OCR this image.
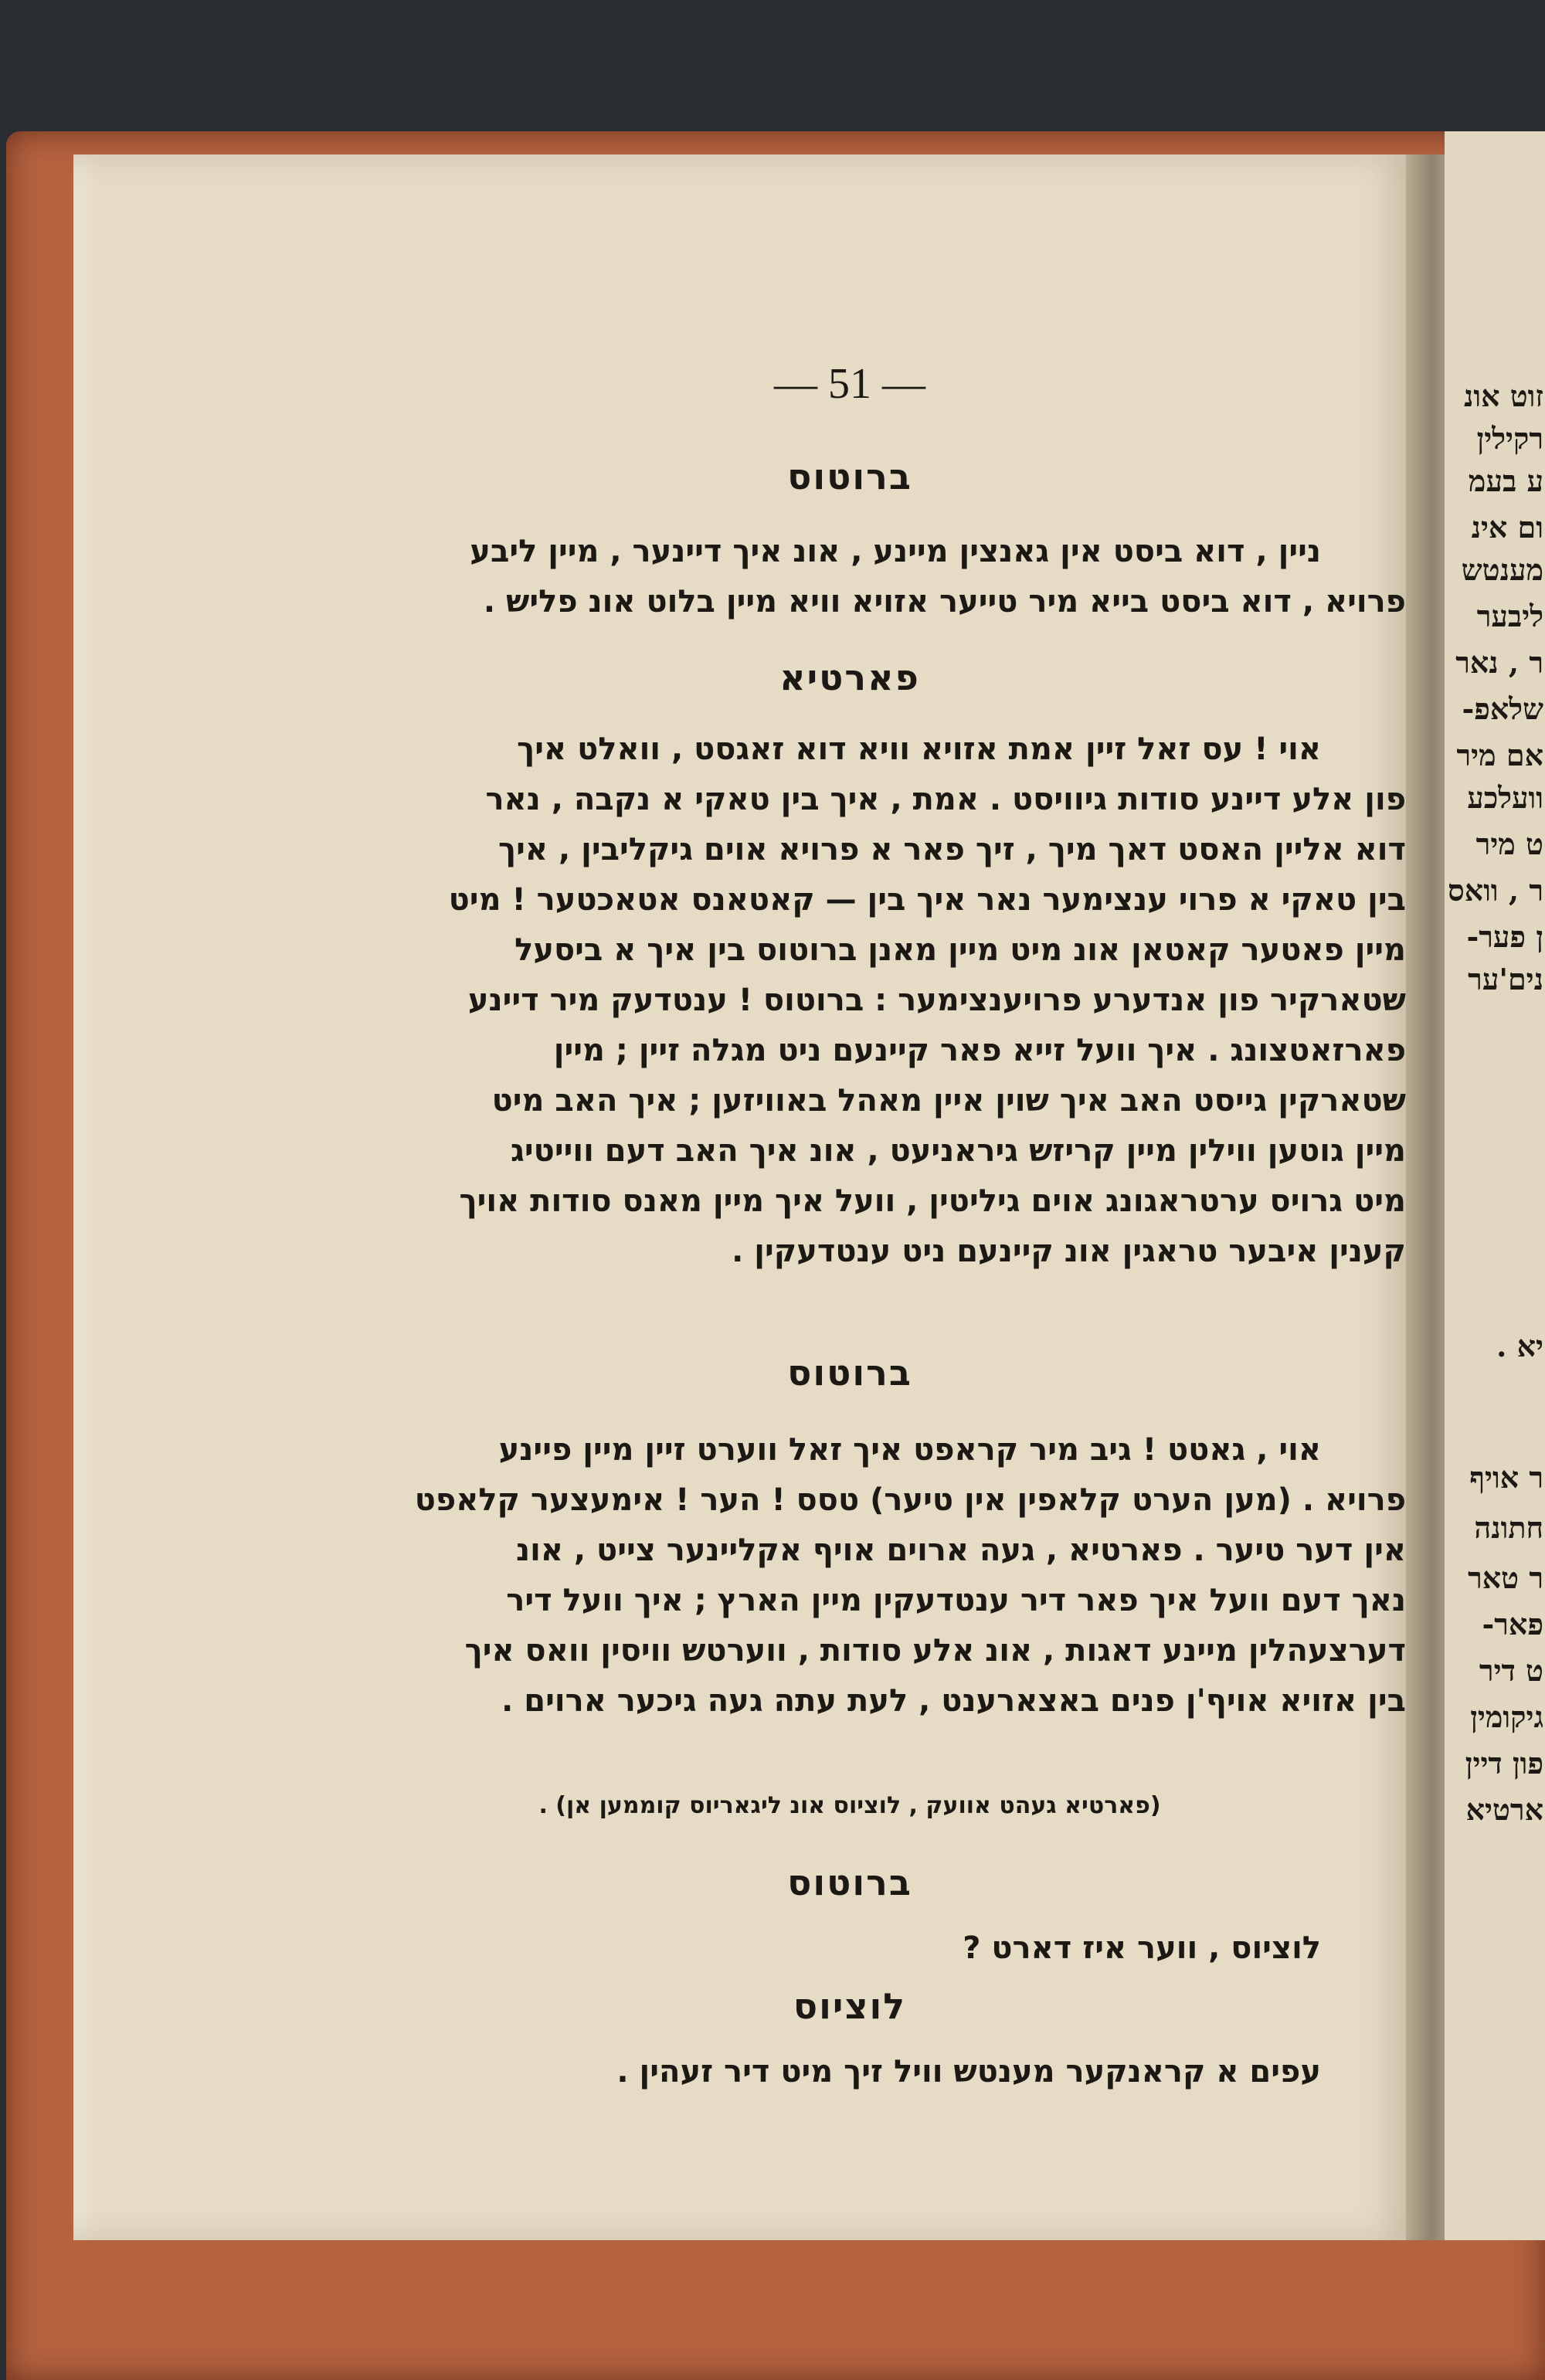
זוט אונ
רקילין
ע בעמ
ום אינ
מענטש
ליבער
ר , נאר
שלאפ-
אם מיר
וועלכע
ט מיר
ר , וואס
ן פער-
נים'ער
יא .
ר אויף
חתונה
ר טאר
פאר-
ט דיר
גיקומין
פון דיין
ארטיא
— 51 —

ברוטוס

ניין , דוא ביסט אין גאנצין מיינע , אונ איך דיינער , מיין ליבע

פרויא , דוא ביסט בייא מיר טייער אזויא וויא מיין בלוט אונ פליש .

פארטיא

אוי ! עס זאל זיין אמת אזויא וויא דוא זאגסט , וואלט איך

פון אלע דיינע סודות גיוויסט . אמת , איך בין טאקי א נקבה , נאר

דוא אליין האסט דאך מיך , זיך פאר א פרויא אוים גיקליבין , איך

בין טאקי א פרוי ענצימער נאר איך בין — קאטאנס אטאכטער ! מיט

מיין פאטער קאטאן אונ מיט מיין מאנן ברוטוס בין איך א ביסעל

שטארקיר פון אנדערע פרויענצימער : ברוטוס ! ענטדעק מיר דיינע

פארזאטצונג . איך וועל זייא פאר קיינעם ניט מגלה זיין ; מיין

שטארקין גייסט האב איך שוין איין מאהל באוויזען ; איך האב מיט

מיין גוטען ווילין מיין קריזש גיראניעט , אונ איך האב דעם ווייטיג

מיט גרויס ערטראגונג אוים גיליטין , וועל איך מיין מאנס סודות אויך

קענין איבער טראגין אונ קיינעם ניט ענטדעקין .

ברוטוס

אוי , גאטט ! גיב מיר קראפט איך זאל ווערט זיין מיין פיינע

פרויא . (מען הערט קלאפין אין טיער) טסס ! הער ! אימעצער קלאפט

אין דער טיער . פארטיא , געה ארוים אויף אקליינער צייט , אונ

נאך דעם וועל איך פאר דיר ענטדעקין מיין הארץ ; איך וועל דיר

דערצעהלין מיינע דאגות , אונ אלע סודות , ווערטש וויסין וואס איך

בין אזויא אויף'ן פנים באצארענט , לעת עתה געה גיכער ארוים .

(פארטיא געהט אוועק , לוציוס אונ ליגאריוס קוממען אן) .

ברוטוס

לוציוס , ווער איז דארט ?

לוציוס

עפים א קראנקער מענטש וויל זיך מיט דיר זעהין .
